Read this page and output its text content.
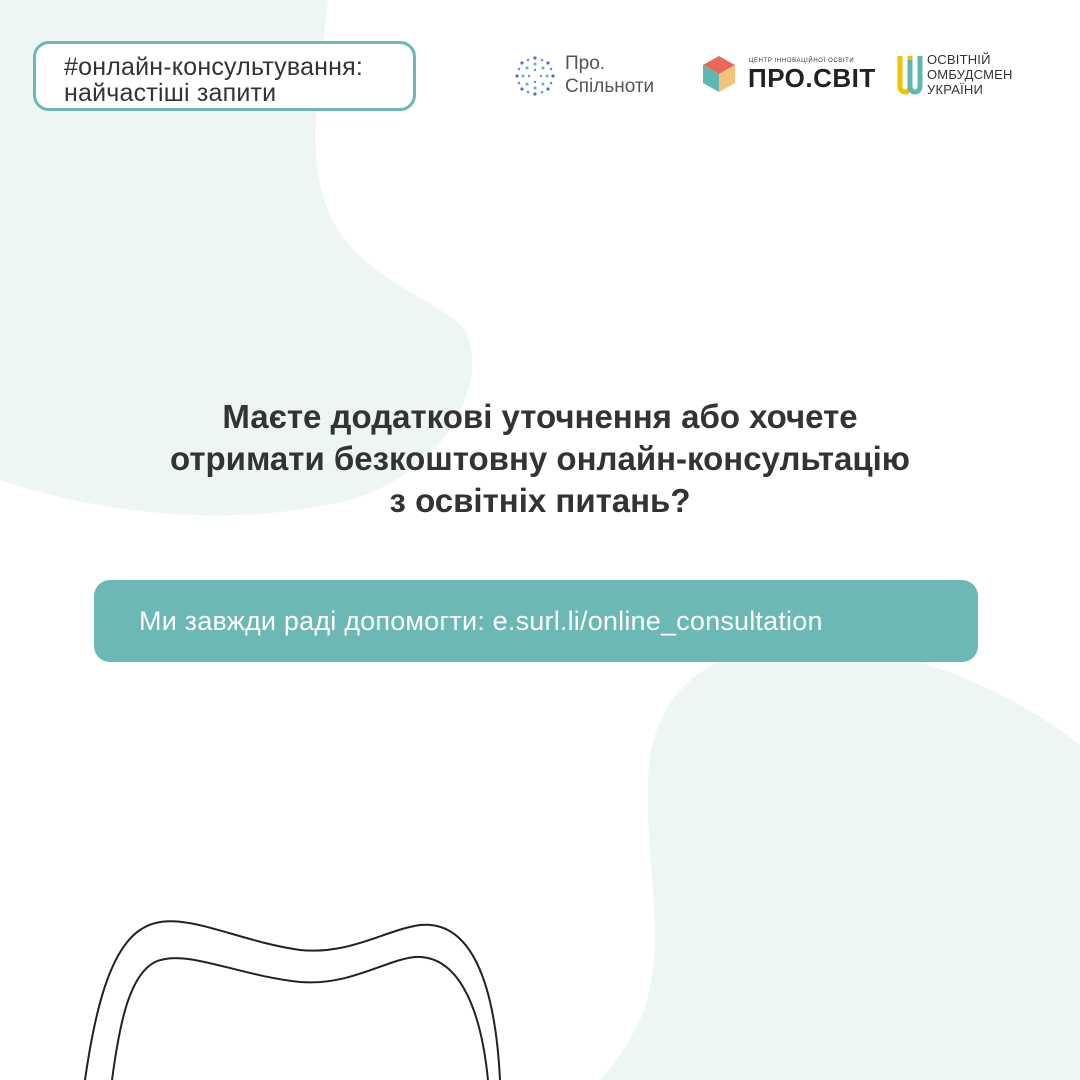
#онлайн-консультування:
найчастіші запити
Про.
Спільноти
ЦЕНТР ІННОВАЦІЙНОЇ ОСВІТИ
ПРО.СВІТ
ОСВІТНІЙ
ОМБУДСМЕН
УКРАЇНИ
Маєте додаткові уточнення або хочете
отримати безкоштовну онлайн-консультацію
з освітніх питань?
Ми завжди раді допомогти: e.surl.li/online_consultation
